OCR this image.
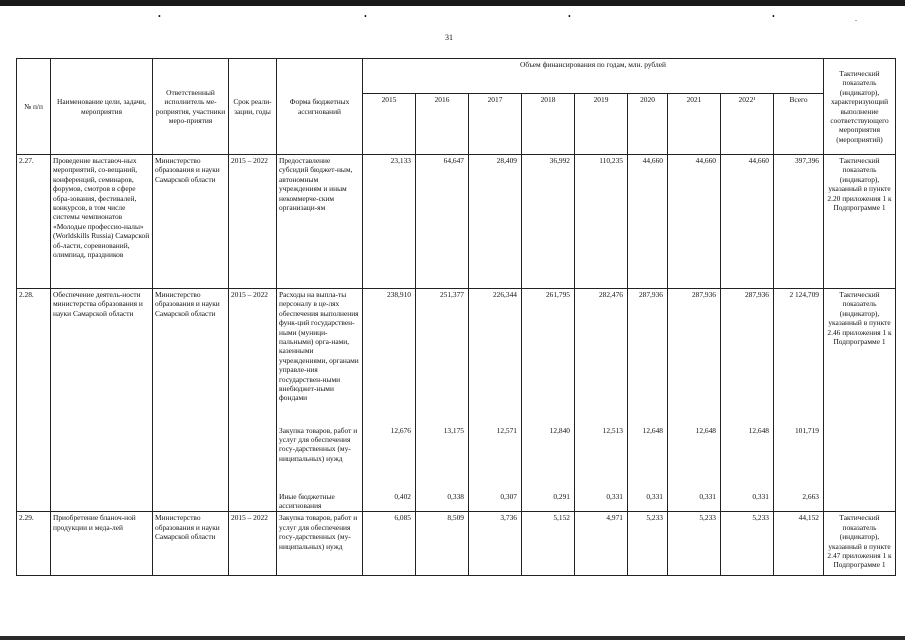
•	•	•	•	.
31
№ п/п	Наименование цели, задачи, мероприятия	Ответственный исполнитель ме-роприятия, участники меро-приятия	Срок реали-зации, годы	Форма бюджетных ассигнований	Объем финансирования по годам, млн. рублей									Тактический показатель (индикатор), характеризующий выполнение соответствующего мероприятия (мероприятий)
					2015	2016	2017	2018	2019	2020	2021	2022¹	Всего	
2.27.	Проведение выставоч-ных мероприятий, со-вещаний, конференций, семинаров, форумов, смотров в сфере обра-зования, фестивалей, конкурсов, в том числе системы чемпионатов «Молодые профессио-налы» (Worldskills Russia) Самарской об-ласти, соревнований, олимпиад, праздников	Министерство образования и науки Самарской области	2015 – 2022	Предоставление субсидий бюджет-ным, автономным учреждениям и иным некоммерче-ским организаци-ям	23,133	64,647	28,409	36,992	110,235	44,660	44,660	44,660	397,396	Тактический показатель (индикатор), указанный в пункте 2.20 приложения 1 к Подпрограмме 1
2.28.	Обеспечение деятель-ности министерства образования и науки Самарской области	Министерство образования и науки Самарской области	2015 – 2022	Расходы на выпла-ты персоналу в це-лях обеспечения выполнения функ-ций государствен-ными (муници-пальными) орга-нами, казенными учреждениями, органами управле-ния государствен-ными внебюджет-ными фондами	238,910	251,377	226,344	261,795	282,476	287,936	287,936	287,936	2 124,709	Тактический показатель (индикатор), указанный в пункте 2.46 приложения 1 к Подпрограмме 1
				Закупка товаров, работ и услуг для обеспечения госу-дарственных (му-ниципальных) нужд	12,676	13,175	12,571	12,840	12,513	12,648	12,648	12,648	101,719	
				Иные бюджетные ассигнования	0,402	0,338	0,307	0,291	0,331	0,331	0,331	0,331	2,663	
2.29.	Приобретение бланоч-ной продукции и меда-лей	Министерство образования и науки Самарской области	2015 – 2022	Закупка товаров, работ и услуг для обеспечения госу-дарственных (му-ниципальных) нужд	6,085	8,509	3,736	5,152	4,971	5,233	5,233	5,233	44,152	Тактический показатель (индикатор), указанный в пункте 2.47 приложения 1 к Подпрограмме 1
